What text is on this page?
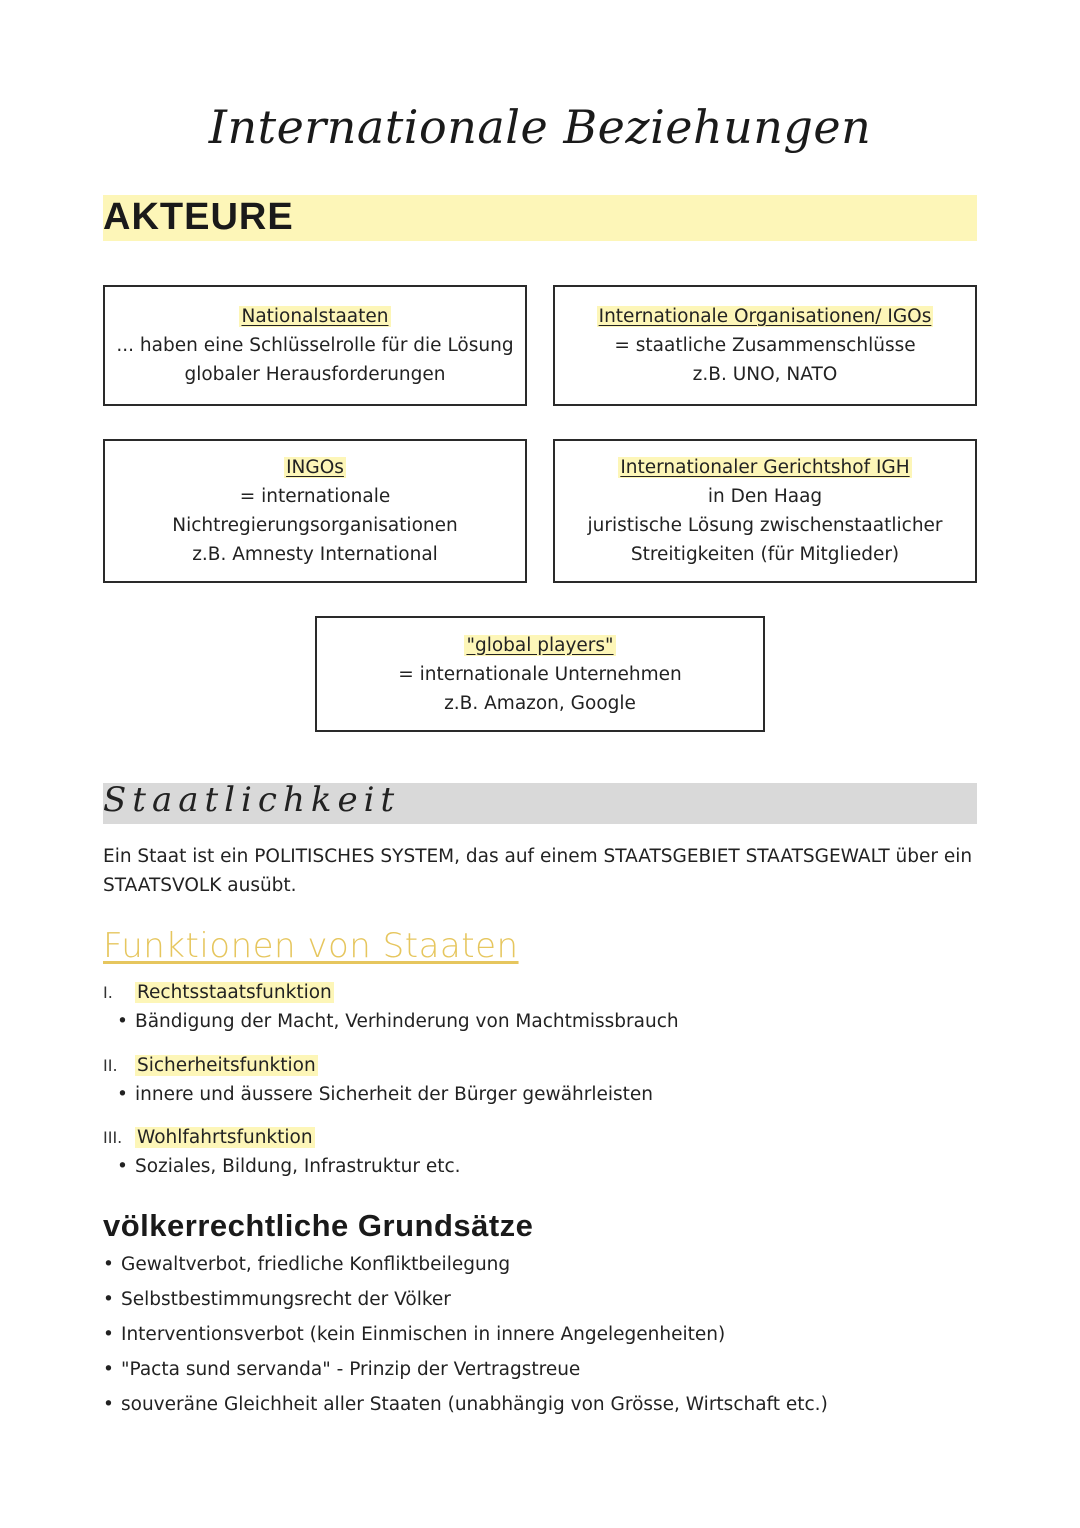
Internationale Beziehungen
AKTEURE
Nationalstaaten
... haben eine Schlüsselrolle für die Lösung
globaler Herausforderungen
Internationale Organisationen/ IGOs
= staatliche Zusammenschlüsse
z.B. UNO, NATO
INGOs
= internationale
Nichtregierungsorganisationen
z.B. Amnesty International
Internationaler Gerichtshof IGH
in Den Haag
juristische Lösung zwischenstaatlicher
Streitigkeiten (für Mitglieder)
"global players"
= internationale Unternehmen
z.B. Amazon, Google
Staatlichkeit
Ein Staat ist ein POLITISCHES SYSTEM, das auf einem STAATSGEBIET STAATSGEWALT über ein STAATSVOLK ausübt.
Funktionen von Staaten
I. Rechtsstaatsfunktion
• Bändigung der Macht, Verhinderung von Machtmissbrauch
II. Sicherheitsfunktion
• innere und äussere Sicherheit der Bürger gewährleisten
III. Wohlfahrtsfunktion
• Soziales, Bildung, Infrastruktur etc.
völkerrechtliche Grundsätze
• Gewaltverbot, friedliche Konfliktbeilegung
• Selbstbestimmungsrecht der Völker
• Interventionsverbot (kein Einmischen in innere Angelegenheiten)
• "Pacta sund servanda" - Prinzip der Vertragstreue
• souveräne Gleichheit aller Staaten (unabhängig von Grösse, Wirtschaft etc.)
